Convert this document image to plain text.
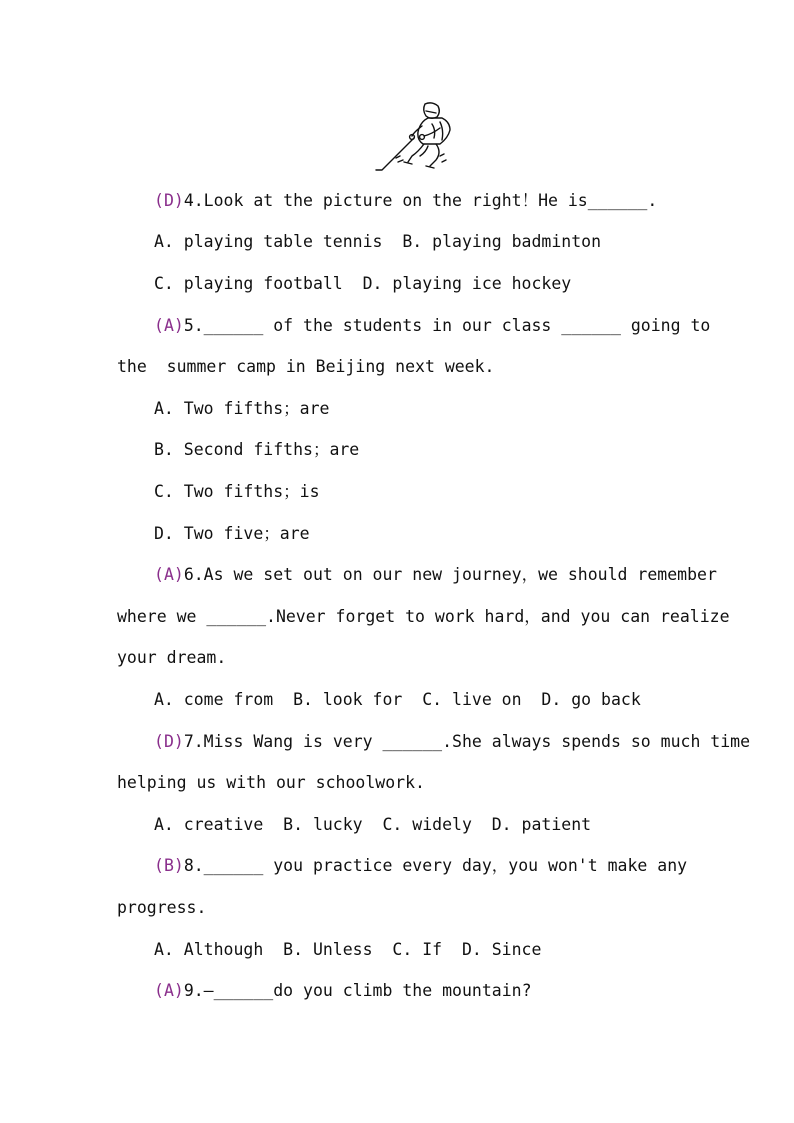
(D)4.Look at the picture on the right！He is______.
A. playing table tennis  B. playing badminton
C. playing football  D. playing ice hockey
(A)5.______ of the students in our class ______ going to
the  summer camp in Beijing next week.
A. Two fifths；are
B. Second fifths；are
C. Two fifths；is
D. Two five；are
(A)6.As we set out on our new journey，we should remember
where we ______.Never forget to work hard，and you can realize
your dream.
A. come from  B. look for  C. live on  D. go back
(D)7.Miss Wang is very ______.She always spends so much time
helping us with our schoolwork.
A. creative  B. lucky  C. widely  D. patient
(B)8.______ you practice every day，you won't make any
progress.
A. Although  B. Unless  C. If  D. Since
(A)9.—______do you climb the mountain?
